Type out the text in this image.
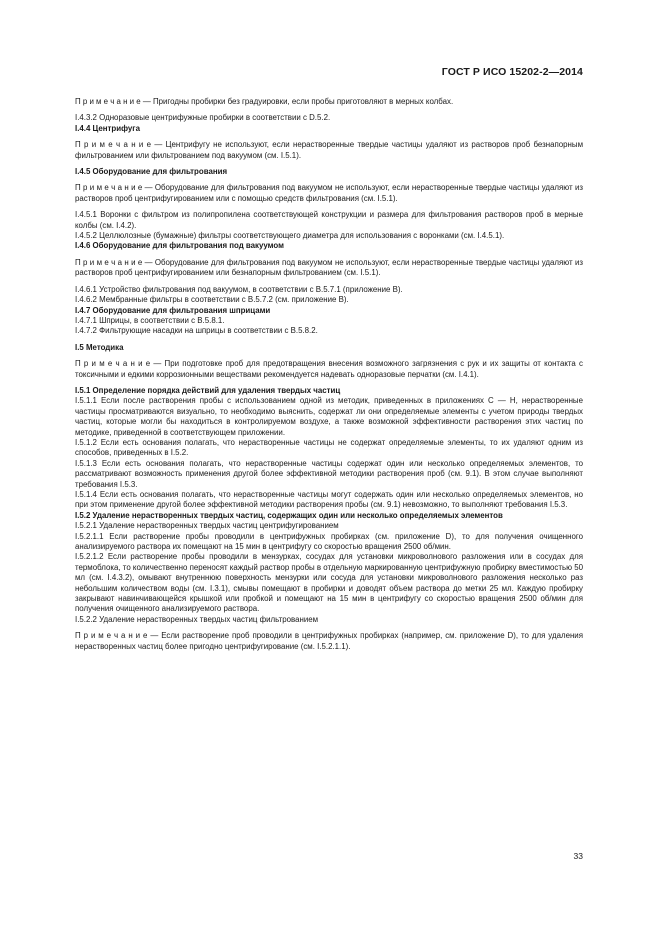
ГОСТ Р ИСО 15202-2—2014

П р и м е ч а н и е — Пригодны пробирки без градуировки, если пробы приготовляют в мерных колбах.

I.4.3.2 Одноразовые центрифужные пробирки в соответствии с D.5.2.

I.4.4 Центрифуга

П р и м е ч а н и е — Центрифугу не используют, если нерастворенные твердые частицы удаляют из растворов проб безнапорным фильтрованием или фильтрованием под вакуумом (см. I.5.1).

I.4.5 Оборудование для фильтрования

П р и м е ч а н и е — Оборудование для фильтрования под вакуумом не используют, если нерастворенные твердые частицы удаляют из растворов проб центрифугированием или с помощью средств фильтрования (см. I.5.1).

I.4.5.1 Воронки с фильтром из полипропилена соответствующей конструкции и размера для фильтрования растворов проб в мерные колбы (см. I.4.2).

I.4.5.2 Целлюлозные (бумажные) фильтры соответствующего диаметра для использования с воронками (см. I.4.5.1).

I.4.6 Оборудование для фильтрования под вакуумом

П р и м е ч а н и е — Оборудование для фильтрования под вакуумом не используют, если нерастворенные твердые частицы удаляют из растворов проб центрифугированием или безнапорным фильтрованием (см. I.5.1).

I.4.6.1 Устройство фильтрования под вакуумом, в соответствии с В.5.7.1 (приложение В).

I.4.6.2 Мембранные фильтры в соответствии с В.5.7.2 (см. приложение В).

I.4.7 Оборудование для фильтрования шприцами

I.4.7.1 Шприцы, в соответствии с В.5.8.1.

I.4.7.2 Фильтрующие насадки на шприцы в соответствии с В.5.8.2.

I.5 Методика

П р и м е ч а н и е — При подготовке проб для предотвращения внесения возможного загрязнения с рук и их защиты от контакта с токсичными и едкими коррозионными веществами рекомендуется надевать одноразовые перчатки (см. I.4.1).

I.5.1 Определение порядка действий для удаления твердых частиц

I.5.1.1 Если после растворения пробы с использованием одной из методик, приведенных в приложениях С — Н, нерастворенные частицы просматриваются визуально, то необходимо выяснить, содержат ли они определяемые элементы с учетом природы твердых частиц, которые могли бы находиться в контролируемом воздухе, а также возможной эффективности растворения этих частиц по методике, приведенной в соответствующем приложении.

I.5.1.2 Если есть основания полагать, что нерастворенные частицы не содержат определяемые элементы, то их удаляют одним из способов, приведенных в I.5.2.

I.5.1.3 Если есть основания полагать, что нерастворенные частицы содержат один или несколько определяемых элементов, то рассматривают возможность применения другой более эффективной методики растворения проб (см. 9.1). В этом случае выполняют требования I.5.3.

I.5.1.4 Если есть основания полагать, что нерастворенные частицы могут содержать один или несколько определяемых элементов, но при этом применение другой более эффективной методики растворения пробы (см. 9.1) невозможно, то выполняют требования I.5.3.

I.5.2 Удаление нерастворенных твердых частиц, содержащих один или несколько определяемых элементов

I.5.2.1 Удаление нерастворенных твердых частиц центрифугированием

I.5.2.1.1 Если растворение пробы проводили в центрифужных пробирках (см. приложение D), то для получения очищенного анализируемого раствора их помещают на 15 мин в центрифугу со скоростью вращения 2500 об/мин.

I.5.2.1.2 Если растворение пробы проводили в мензурках, сосудах для установки микроволнового разложения или в сосудах для термоблока, то количественно переносят каждый раствор пробы в отдельную маркированную центрифужную пробирку вместимостью 50 мл (см. I.4.3.2), омывают внутреннюю поверхность мензурки или сосуда для установки микроволнового разложения несколько раз небольшим количеством воды (см. I.3.1), смывы помещают в пробирки и доводят объем раствора до метки 25 мл. Каждую пробирку закрывают навинчивающейся крышкой или пробкой и помещают на 15 мин в центрифугу со скоростью вращения 2500 об/мин для получения очищенного анализируемого раствора.

I.5.2.2 Удаление нерастворенных твердых частиц фильтрованием

П р и м е ч а н и е — Если растворение проб проводили в центрифужных пробирках (например, см. приложение D), то для удаления нерастворенных частиц более пригодно центрифугирование (см. I.5.2.1.1).

33
